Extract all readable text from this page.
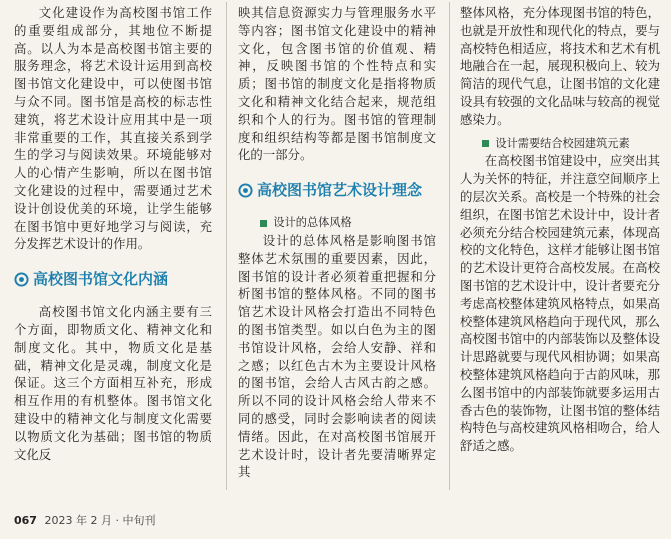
文化建设作为高校图书馆工作的重要组成部分，其地位不断提高。以人为本是高校图书馆主要的服务理念，将艺术设计运用到高校图书馆文化建设中，可以使图书馆与众不同。图书馆是高校的标志性建筑，将艺术设计应用其中是一项非常重要的工作，其直接关系到学生的学习与阅读效果。环境能够对人的心情产生影响，所以在图书馆文化建设的过程中，需要通过艺术设计创设优美的环境，让学生能够在图书馆中更好地学习与阅读，充分发挥艺术设计的作用。

高校图书馆文化内涵

高校图书馆文化内涵主要有三个方面，即物质文化、精神文化和制度文化。其中，物质文化是基础，精神文化是灵魂，制度文化是保证。这三个方面相互补充，形成相互作用的有机整体。图书馆文化建设中的精神文化与制度文化需要以物质文化为基础；图书馆的物质文化反

映其信息资源实力与管理服务水平等内容；图书馆文化建设中的精神文化，包含图书馆的价值观、精神，反映图书馆的个性特点和实质；图书馆的制度文化是指将物质文化和精神文化结合起来，规范组织和个人的行为。图书馆的管理制度和组织结构等都是图书馆制度文化的一部分。

高校图书馆艺术设计理念
设计的总体风格

设计的总体风格是影响图书馆整体艺术氛围的重要因素，因此，图书馆的设计者必须着重把握和分析图书馆的整体风格。不同的图书馆艺术设计风格会打造出不同特色的图书馆类型。如以白色为主的图书馆设计风格，会给人安静、祥和之感；以红色古木为主要设计风格的图书馆，会给人古风古韵之感。所以不同的设计风格会给人带来不同的感受，同时会影响读者的阅读情绪。因此，在对高校图书馆展开艺术设计时，设计者先要清晰界定其

整体风格，充分体现图书馆的特色，也就是开放性和现代化的特点，要与高校特色相适应，将技术和艺术有机地融合在一起，展现积极向上、较为简洁的现代气息，让图书馆的文化建设具有较强的文化品味与较高的视觉感染力。

设计需要结合校园建筑元素

在高校图书馆建设中，应突出其人为关怀的特征，并注意空间顺序上的层次关系。高校是一个特殊的社会组织，在图书馆艺术设计中，设计者必须充分结合校园建筑元素，体现高校的文化特色，这样才能够让图书馆的艺术设计更符合高校发展。在高校图书馆的艺术设计中，设计者要充分考虑高校整体建筑风格特点，如果高校整体建筑风格趋向于现代风，那么高校图书馆中的内部装饰以及整体设计思路就要与现代风相协调；如果高校整体建筑风格趋向于古韵风味，那么图书馆中的内部装饰就要多运用古香古色的装饰物，让图书馆的整体结构特色与高校建筑风格相吻合，给人舒适之感。

067 2023 年 2 月 · 中旬刊
